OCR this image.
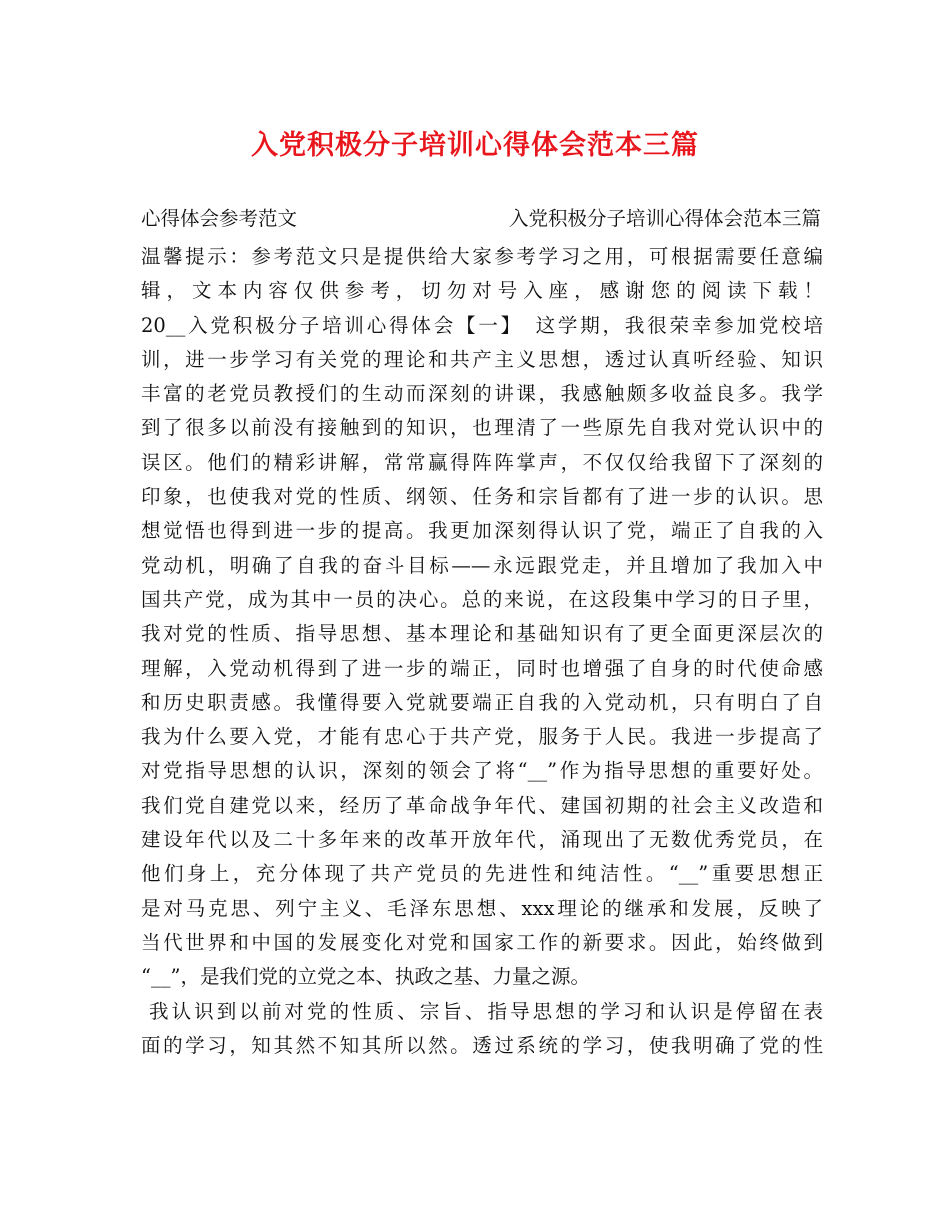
入党积极分子培训心得体会范本三篇
心得体会参考范文	入党积极分子培训心得体会范本三篇
温馨提示：参考范文只是提供给大家参考学习之用，可根据需要任意编
辑，文本内容仅供参考，切勿对号入座，感谢您的阅读下载！
20__入党积极分子培训心得体会【一】　这学期，我很荣幸参加党校培
训，进一步学习有关党的理论和共产主义思想，透过认真听经验、知识
丰富的老党员教授们的生动而深刻的讲课，我感触颇多收益良多。我学
到了很多以前没有接触到的知识，也理清了一些原先自我对党认识中的
误区。他们的精彩讲解，常常赢得阵阵掌声，不仅仅给我留下了深刻的
印象，也使我对党的性质、纲领、任务和宗旨都有了进一步的认识。思
想觉悟也得到进一步的提高。我更加深刻得认识了党，端正了自我的入
党动机，明确了自我的奋斗目标——永远跟党走，并且增加了我加入中
国共产党，成为其中一员的决心。总的来说，在这段集中学习的日子里，
我对党的性质、指导思想、基本理论和基础知识有了更全面更深层次的
理解，入党动机得到了进一步的端正，同时也增强了自身的时代使命感
和历史职责感。我懂得要入党就要端正自我的入党动机，只有明白了自
我为什么要入党，才能有忠心于共产党，服务于人民。我进一步提高了
对党指导思想的认识，深刻的领会了将“__”作为指导思想的重要好处。
我们党自建党以来，经历了革命战争年代、建国初期的社会主义改造和
建设年代以及二十多年来的改革开放年代，涌现出了无数优秀党员，在
他们身上，充分体现了共产党员的先进性和纯洁性。“__”重要思想正
是对马克思、列宁主义、毛泽东思想、xxx理论的继承和发展，反映了
当代世界和中国的发展变化对党和国家工作的新要求。因此，始终做到
“__”，是我们党的立党之本、执政之基、力量之源。
我认识到以前对党的性质、宗旨、指导思想的学习和认识是停留在表
面的学习，知其然不知其所以然。透过系统的学习，使我明确了党的性
